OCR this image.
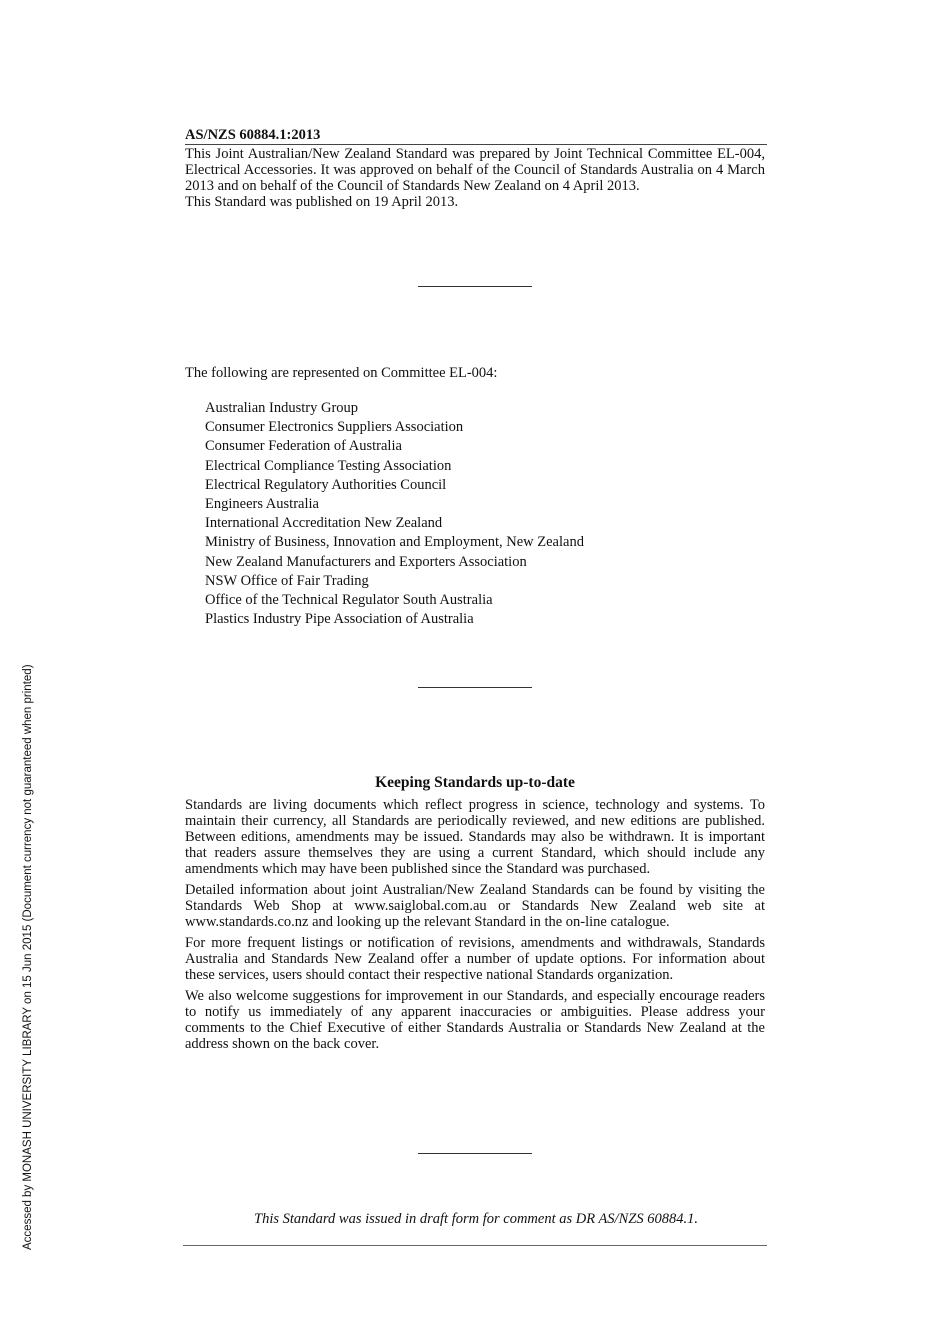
Accessed by MONASH UNIVERSITY LIBRARY on 15 Jun 2015 (Document currency not guaranteed when printed)
AS/NZS 60884.1:2013

This Joint Australian/New Zealand Standard was prepared by Joint Technical Committee EL-004, Electrical Accessories. It was approved on behalf of the Council of Standards Australia on 4 March 2013 and on behalf of the Council of Standards New Zealand on 4 April 2013.

This Standard was published on 19 April 2013.

The following are represented on Committee EL-004:
Australian Industry Group
Consumer Electronics Suppliers Association
Consumer Federation of Australia
Electrical Compliance Testing Association
Electrical Regulatory Authorities Council
Engineers Australia
International Accreditation New Zealand
Ministry of Business, Innovation and Employment, New Zealand
New Zealand Manufacturers and Exporters Association
NSW Office of Fair Trading
Office of the Technical Regulator South Australia
Plastics Industry Pipe Association of Australia
Keeping Standards up-to-date

Standards are living documents which reflect progress in science, technology and systems. To maintain their currency, all Standards are periodically reviewed, and new editions are published. Between editions, amendments may be issued. Standards may also be withdrawn. It is important that readers assure themselves they are using a current Standard, which should include any amendments which may have been published since the Standard was purchased.

Detailed information about joint Australian/New Zealand Standards can be found by visiting the Standards Web Shop at www.saiglobal.com.au or Standards New Zealand web site at www.standards.co.nz and looking up the relevant Standard in the on-line catalogue.

For more frequent listings or notification of revisions, amendments and withdrawals, Standards Australia and Standards New Zealand offer a number of update options. For information about these services, users should contact their respective national Standards organization.

We also welcome suggestions for improvement in our Standards, and especially encourage readers to notify us immediately of any apparent inaccuracies or ambiguities. Please address your comments to the Chief Executive of either Standards Australia or Standards New Zealand at the address shown on the back cover.

This Standard was issued in draft form for comment as DR AS/NZS 60884.1.
